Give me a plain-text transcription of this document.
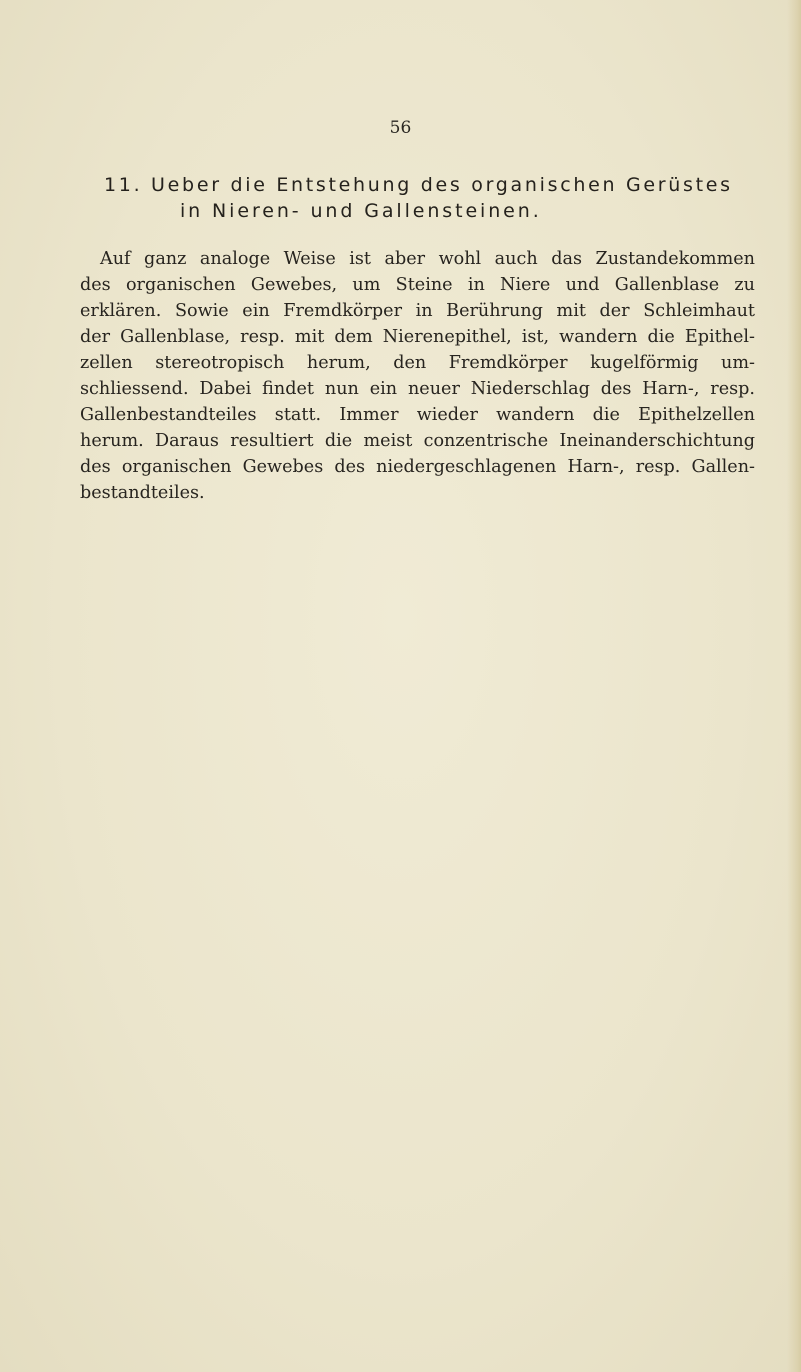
56
11. Ueber die Entstehung des organischen Gerüstes
in Nieren- und Gallensteinen.
Auf ganz analoge Weise ist aber wohl auch das Zustandekommen
des organischen Gewebes, um Steine in Niere und Gallenblase zu
erklären. Sowie ein Fremdkörper in Berührung mit der Schleimhaut
der Gallenblase, resp. mit dem Nierenepithel, ist, wandern die Epithel-
zellen stereotropisch herum, den Fremdkörper kugelförmig um-
schliessend. Dabei findet nun ein neuer Niederschlag des Harn-, resp.
Gallenbestandteiles statt. Immer wieder wandern die Epithelzellen
herum. Daraus resultiert die meist conzentrische Ineinanderschichtung
des organischen Gewebes des niedergeschlagenen Harn-, resp. Gallen-
bestandteiles.
